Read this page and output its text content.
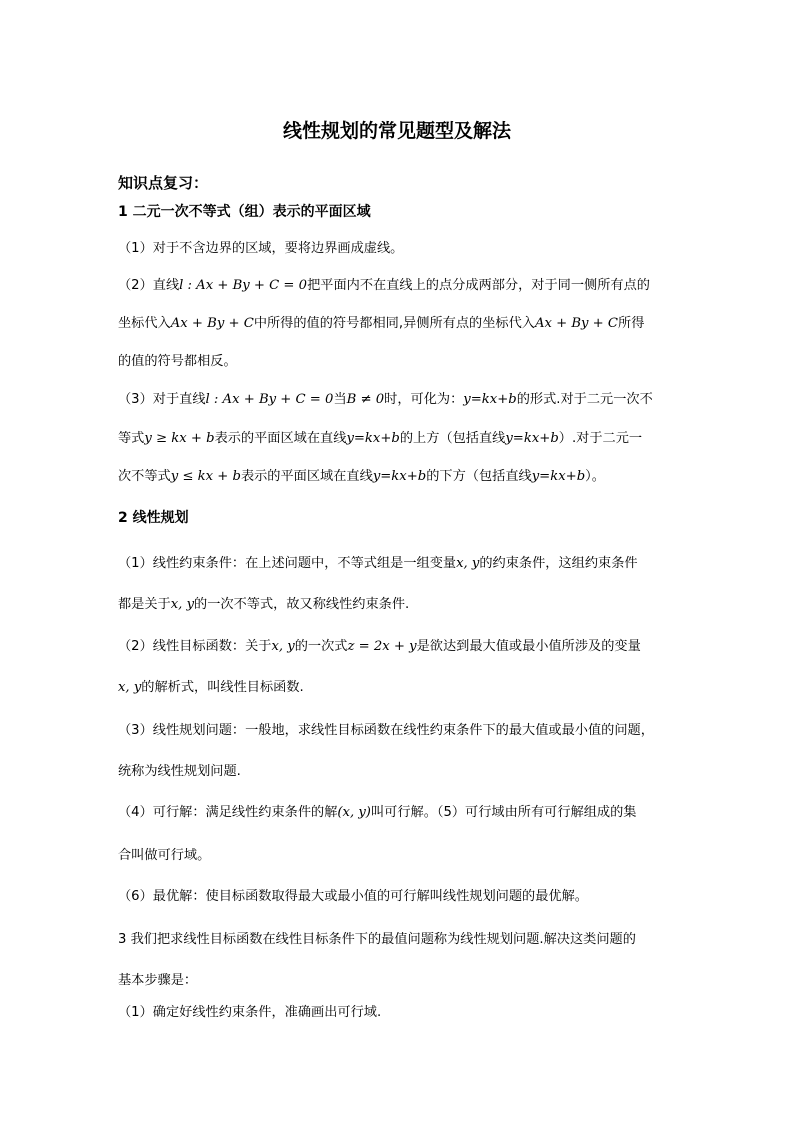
线性规划的常见题型及解法
知识点复习：
1 二元一次不等式（组）表示的平面区域
（1）对于不含边界的区域，要将边界画成虚线。
（2）直线l : Ax + By + C = 0把平面内不在直线上的点分成两部分，对于同一侧所有点的
坐标代入Ax + By + C中所得的值的符号都相同,异侧所有点的坐标代入Ax + By + C所得
的值的符号都相反。
（3）对于直线l : Ax + By + C = 0当B ≠ 0时，可化为：y=kx+b的形式.对于二元一次不
等式y ≥ kx + b表示的平面区域在直线y=kx+b的上方（包括直线y=kx+b）.对于二元一
次不等式y ≤ kx + b表示的平面区域在直线y=kx+b的下方（包括直线y=kx+b）。
2 线性规划
（1）线性约束条件：在上述问题中，不等式组是一组变量x, y的约束条件，这组约束条件
都是关于x, y的一次不等式，故又称线性约束条件.
（2）线性目标函数：关于x, y的一次式z = 2x + y是欲达到最大值或最小值所涉及的变量
x, y的解析式，叫线性目标函数.
（3）线性规划问题：一般地，求线性目标函数在线性约束条件下的最大值或最小值的问题，
统称为线性规划问题.
（4）可行解：满足线性约束条件的解(x, y)叫可行解。（5）可行域由所有可行解组成的集
合叫做可行域。
（6）最优解：使目标函数取得最大或最小值的可行解叫线性规划问题的最优解。
3 我们把求线性目标函数在线性目标条件下的最值问题称为线性规划问题.解决这类问题的
基本步骤是：
（1）确定好线性约束条件，准确画出可行域.
